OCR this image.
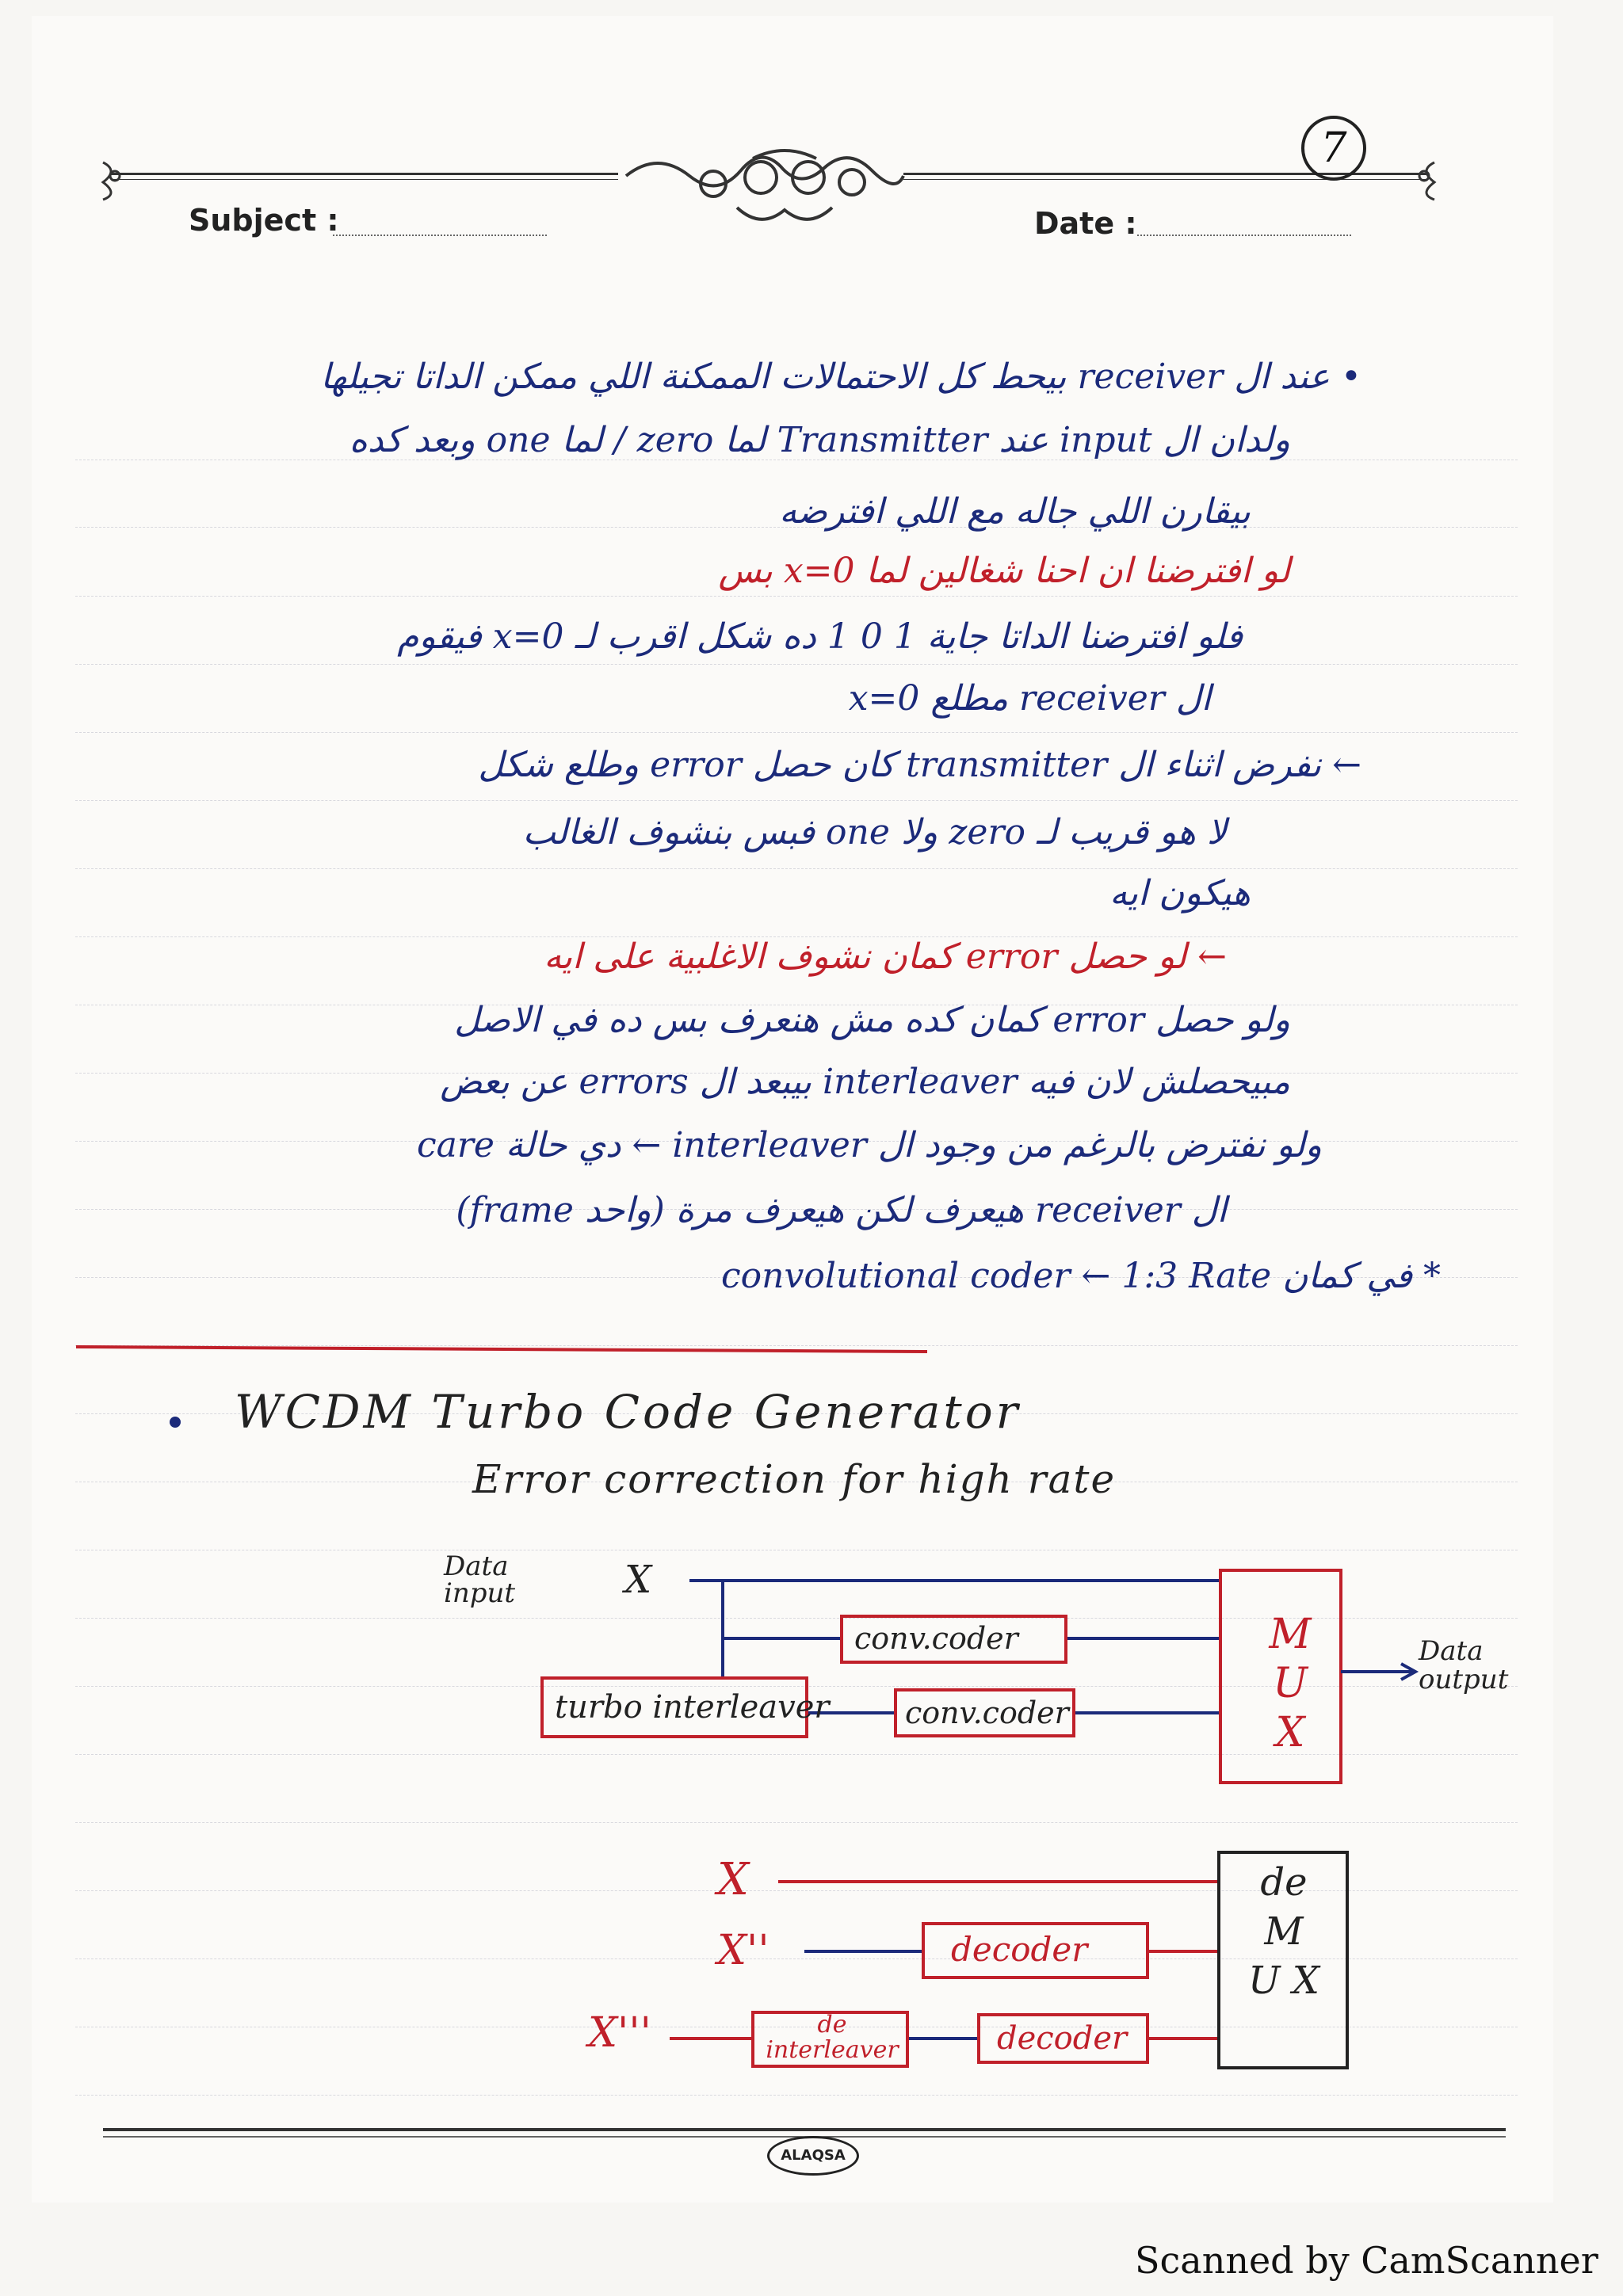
Subject :	Date :
7
• عند ال receiver بيحط كل الاحتمالات الممكنة اللي ممكن الداتا تجيلها
ولدان ال input عند Transmitter لما zero / لما one وبعد كده
بيقارن اللي جاله مع اللي افترضه
لو افترضنا ان احنا شغالين لما x=0 بس
فلو افترضنا الداتا جاية 1 0 1 ده شكل اقرب لـ x=0 فيقوم
ال receiver مطلع x=0
← نفرض اثناء ال transmitter كان حصل error وطلع شكل
لا هو قريب لـ zero ولا one فبس بنشوف الغالب
هيكون ايه
← لو حصل error كمان نشوف الاغلبية على ايه
ولو حصل error كمان كده مش هنعرف بس ده في الاصل
مبيحصلش لان فيه interleaver بيبعد ال errors عن بعض
ولو نفترض بالرغم من وجود ال interleaver ← دي حالة care
ال receiver هيعرف لكن هيعرف مرة (واحد frame)
* في كمان convolutional coder ← 1:3 Rate
WCDM Turbo Code Generator
Error correction for high rate
Data input	X
conv.coder
conv.coder
turbo interleaver
M U X
Data output
X
X''
X'''
decoder
decoder
de interleaver
de M U X
ALAQSA
Scanned by CamScanner
